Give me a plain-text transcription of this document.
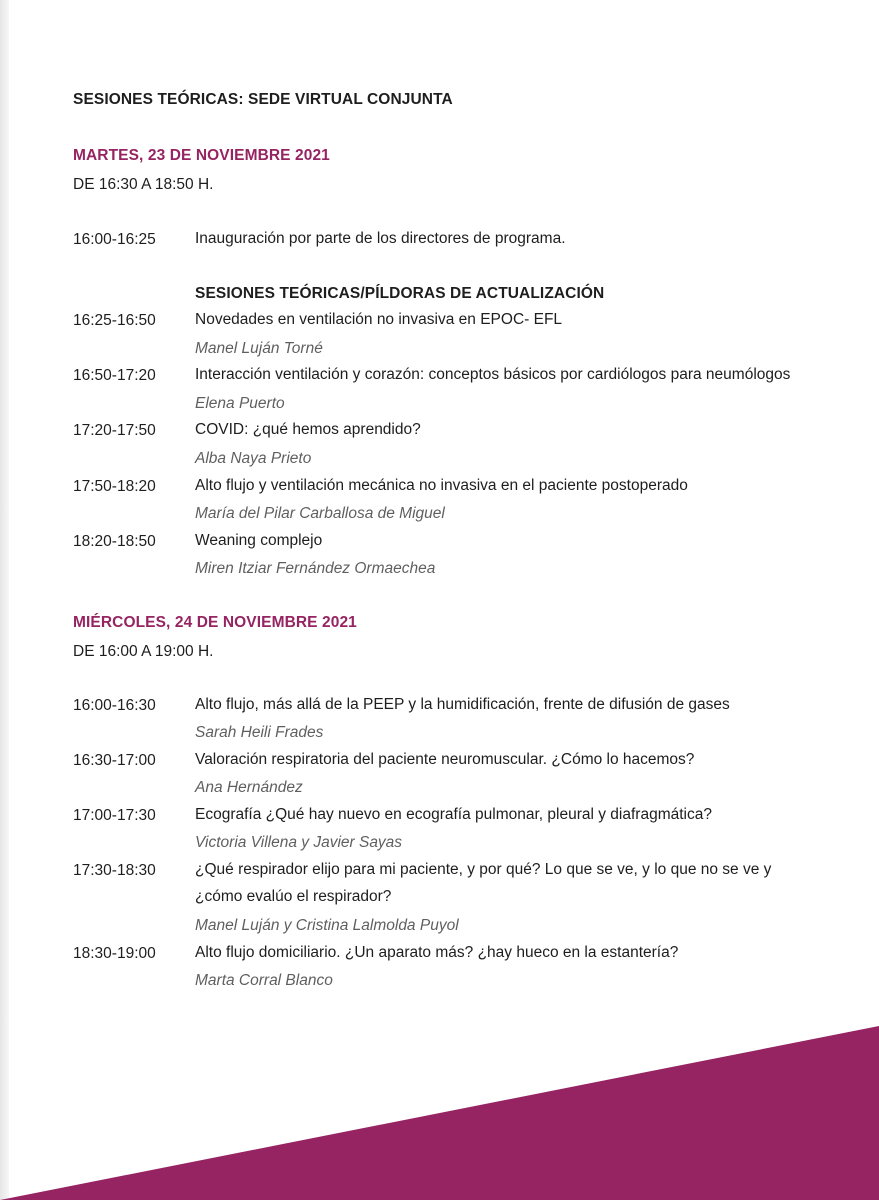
SESIONES TEÓRICAS: SEDE VIRTUAL CONJUNTA
MARTES, 23 DE NOVIEMBRE 2021
DE 16:30 A 18:50 H.
16:00-16:25	Inauguración por parte de los directores de programa.
SESIONES TEÓRICAS/PÍLDORAS DE ACTUALIZACIÓN
16:25-16:50	Novedades en ventilación no invasiva en EPOC- EFL
Manel Luján Torné
16:50-17:20	Interacción ventilación y corazón: conceptos básicos por cardiólogos para neumólogos
Elena Puerto
17:20-17:50	COVID: ¿qué hemos aprendido?
Alba Naya Prieto
17:50-18:20	Alto flujo y ventilación mecánica no invasiva en el paciente postoperado
María del Pilar Carballosa de Miguel
18:20-18:50	Weaning complejo
Miren Itziar Fernández Ormaechea
MIÉRCOLES, 24 DE NOVIEMBRE 2021
DE 16:00 A 19:00 H.
16:00-16:30	Alto flujo, más allá de la PEEP y la humidificación, frente de difusión de gases
Sarah Heili Frades
16:30-17:00	Valoración respiratoria del paciente neuromuscular. ¿Cómo lo hacemos?
Ana Hernández
17:00-17:30	Ecografía ¿Qué hay nuevo en ecografía pulmonar, pleural y diafragmática?
Victoria Villena y Javier Sayas
17:30-18:30	¿Qué respirador elijo para mi paciente, y por qué? Lo que se ve, y lo que no se ve y
¿cómo evalúo el respirador?
Manel Luján y Cristina Lalmolda Puyol
18:30-19:00	Alto flujo domiciliario. ¿Un aparato más? ¿hay hueco en la estantería?
Marta Corral Blanco
